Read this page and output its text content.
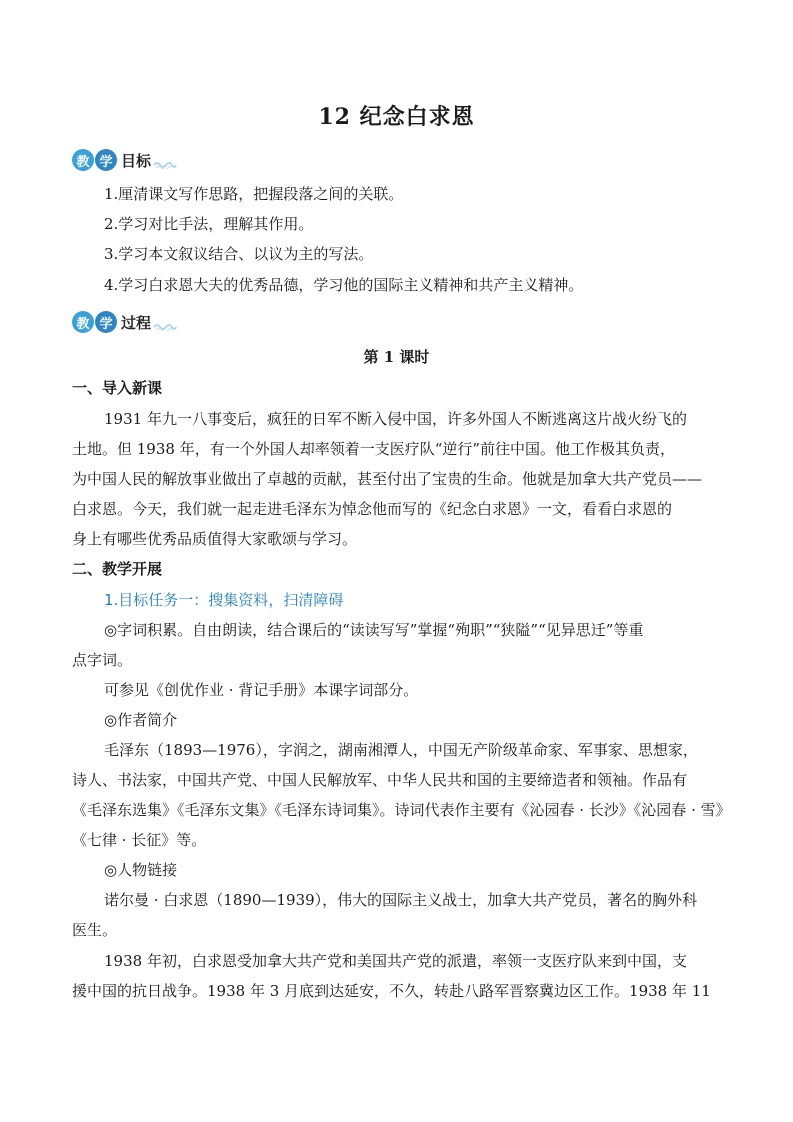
12 纪念白求恩
教 学 目标
1.厘清课文写作思路，把握段落之间的关联。
2.学习对比手法，理解其作用。
3.学习本文叙议结合、以议为主的写法。
4.学习白求恩大夫的优秀品德，学习他的国际主义精神和共产主义精神。
教 学 过程
第 1 课时
一、导入新课
1931 年九一八事变后，疯狂的日军不断入侵中国，许多外国人不断逃离这片战火纷飞的
土地。但 1938 年，有一个外国人却率领着一支医疗队“逆行”前往中国。他工作极其负责，
为中国人民的解放事业做出了卓越的贡献，甚至付出了宝贵的生命。他就是加拿大共产党员——
白求恩。今天，我们就一起走进毛泽东为悼念他而写的《纪念白求恩》一文，看看白求恩的
身上有哪些优秀品质值得大家歌颂与学习。
二、教学开展
1.目标任务一：搜集资料，扫清障碍
◎字词积累。自由朗读，结合课后的“读读写写”掌握“殉职”“狭隘”“见异思迁”等重
点字词。
可参见《创优作业 · 背记手册》本课字词部分。
◎作者简介
毛泽东（1893—1976），字润之，湖南湘潭人，中国无产阶级革命家、军事家、思想家，
诗人、书法家，中国共产党、中国人民解放军、中华人民共和国的主要缔造者和领袖。作品有
《毛泽东选集》《毛泽东文集》《毛泽东诗词集》。诗词代表作主要有《沁园春 · 长沙》《沁园春 · 雪》
《七律 · 长征》等。
◎人物链接
诺尔曼 · 白求恩（1890—1939），伟大的国际主义战士，加拿大共产党员，著名的胸外科
医生。
1938 年初，白求恩受加拿大共产党和美国共产党的派遣，率领一支医疗队来到中国，支
援中国的抗日战争。1938 年 3 月底到达延安，不久，转赴八路军晋察冀边区工作。1938 年 11
